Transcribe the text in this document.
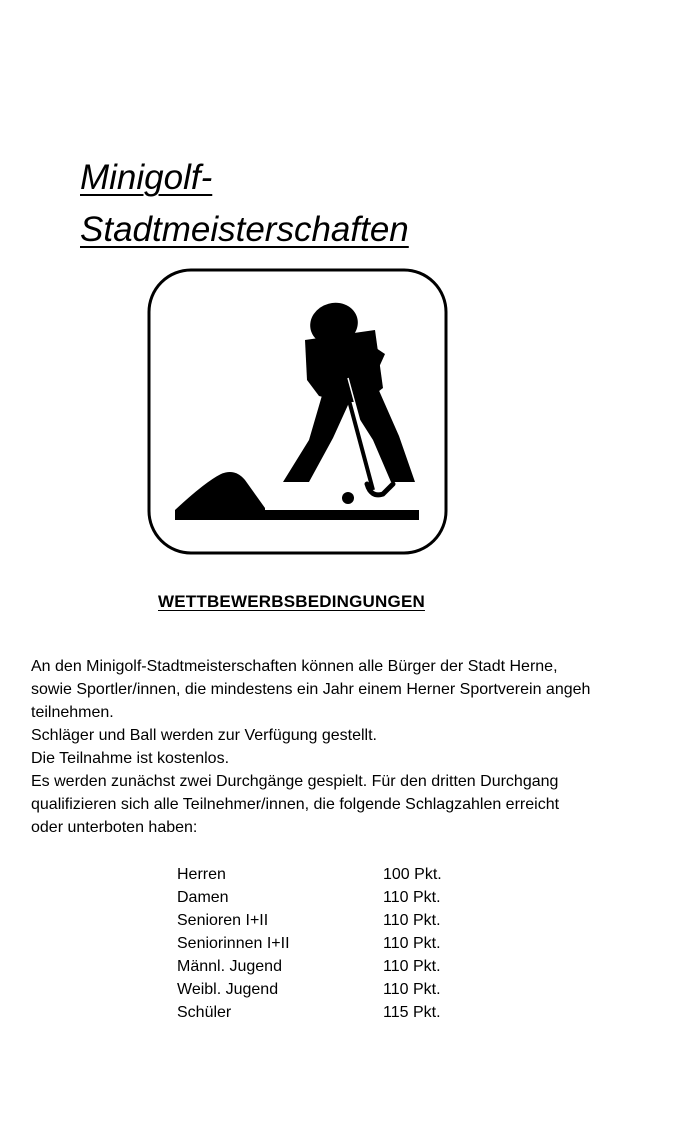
Minigolf-
Stadtmeisterschaften
WETTBEWERBSBEDINGUNGEN
An den Minigolf-Stadtmeisterschaften können alle Bürger der Stadt Herne,
sowie Sportler/innen, die mindestens ein Jahr einem Herner Sportverein angeh
teilnehmen.
Schläger und Ball werden zur Verfügung gestellt.
Die Teilnahme ist kostenlos.
Es werden zunächst zwei Durchgänge gespielt. Für den dritten Durchgang
qualifizieren sich alle Teilnehmer/innen, die folgende Schlagzahlen erreicht
oder unterboten haben:
Herren	100 Pkt.
Damen	110 Pkt.
Senioren I+II	110 Pkt.
Seniorinnen I+II	110 Pkt.
Männl. Jugend	110 Pkt.
Weibl. Jugend	110 Pkt.
Schüler	115 Pkt.
